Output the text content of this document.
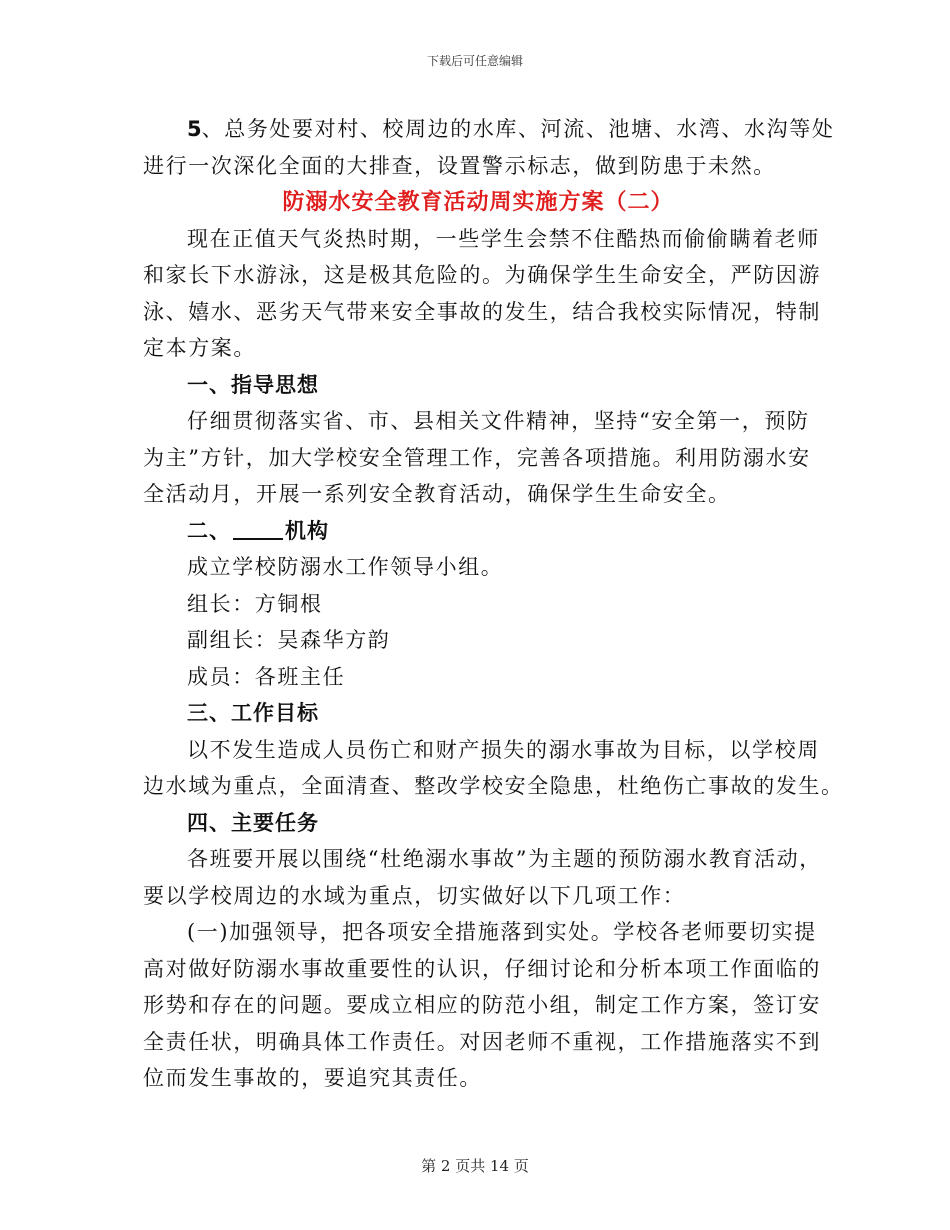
下载后可任意编辑
5、总务处要对村、校周边的水库、河流、池塘、水湾、水沟等处
进行一次深化全面的大排查，设置警示标志，做到防患于未然。
防溺水安全教育活动周实施方案（二）
现在正值天气炎热时期，一些学生会禁不住酷热而偷偷瞒着老师
和家长下水游泳，这是极其危险的。为确保学生生命安全，严防因游
泳、嬉水、恶劣天气带来安全事故的发生，结合我校实际情况，特制
定本方案。
一、指导思想
仔细贯彻落实省、市、县相关文件精神，坚持“安全第一，预防
为主”方针，加大学校安全管理工作，完善各项措施。利用防溺水安
全活动月，开展一系列安全教育活动，确保学生生命安全。
二、	机构
成立学校防溺水工作领导小组。
组长：方铜根
副组长：吴森华方韵
成员：各班主任
三、工作目标
以不发生造成人员伤亡和财产损失的溺水事故为目标，以学校周
边水域为重点，全面清查、整改学校安全隐患，杜绝伤亡事故的发生。
四、主要任务
各班要开展以围绕“杜绝溺水事故”为主题的预防溺水教育活动，
要以学校周边的水域为重点，切实做好以下几项工作：
(一)加强领导，把各项安全措施落到实处。学校各老师要切实提
高对做好防溺水事故重要性的认识，仔细讨论和分析本项工作面临的
形势和存在的问题。要成立相应的防范小组，制定工作方案，签订安
全责任状，明确具体工作责任。对因老师不重视，工作措施落实不到
位而发生事故的，要追究其责任。
第 2 页共 14 页
